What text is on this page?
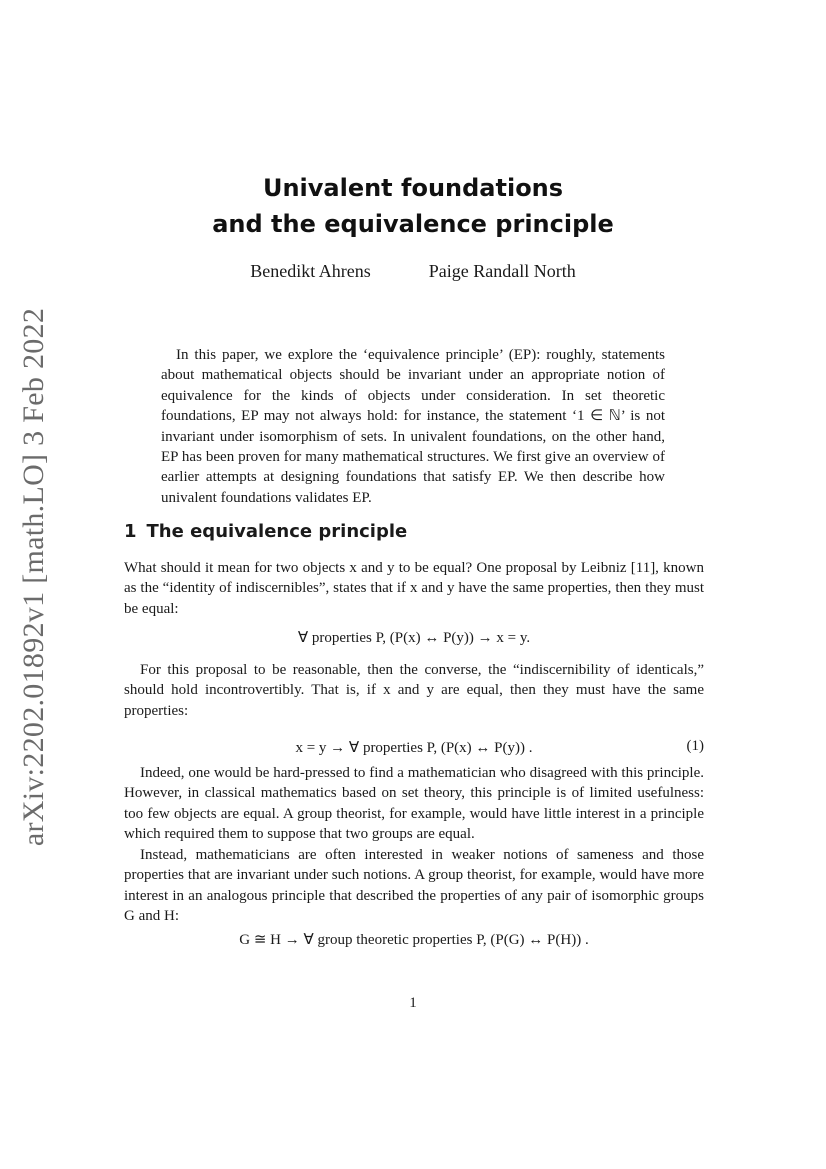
arXiv:2202.01892v1 [math.LO] 3 Feb 2022
Univalent foundations
and the equivalence principle
Benedikt Ahrens	Paige Randall North
In this paper, we explore the ‘equivalence principle’ (EP): roughly, statements about mathematical objects should be invariant under an appropriate notion of equivalence for the kinds of objects under consideration. In set theoretic foundations, EP may not always hold: for instance, the statement ‘1 ∈ ℕ’ is not invariant under isomorphism of sets. In univalent foundations, on the other hand, EP has been proven for many mathematical structures. We first give an overview of earlier attempts at designing foundations that satisfy EP. We then describe how univalent foundations validates EP.
1 The equivalence principle
What should it mean for two objects x and y to be equal? One proposal by Leibniz [11], known as the “identity of indiscernibles”, states that if x and y have the same properties, then they must be equal:
∀ properties P, (P(x) ↔ P(y)) → x = y.
For this proposal to be reasonable, then the converse, the “indiscernibility of identicals,” should hold incontrovertibly. That is, if x and y are equal, then they must have the same properties:
x = y → ∀ properties P, (P(x) ↔ P(y)) .	(1)
Indeed, one would be hard-pressed to find a mathematician who disagreed with this principle. However, in classical mathematics based on set theory, this principle is of limited usefulness: too few objects are equal. A group theorist, for example, would have little interest in a principle which required them to suppose that two groups are equal.
Instead, mathematicians are often interested in weaker notions of sameness and those properties that are invariant under such notions. A group theorist, for example, would have more interest in an analogous principle that described the properties of any pair of isomorphic groups G and H:
G ≅ H → ∀ group theoretic properties P, (P(G) ↔ P(H)) .
1
